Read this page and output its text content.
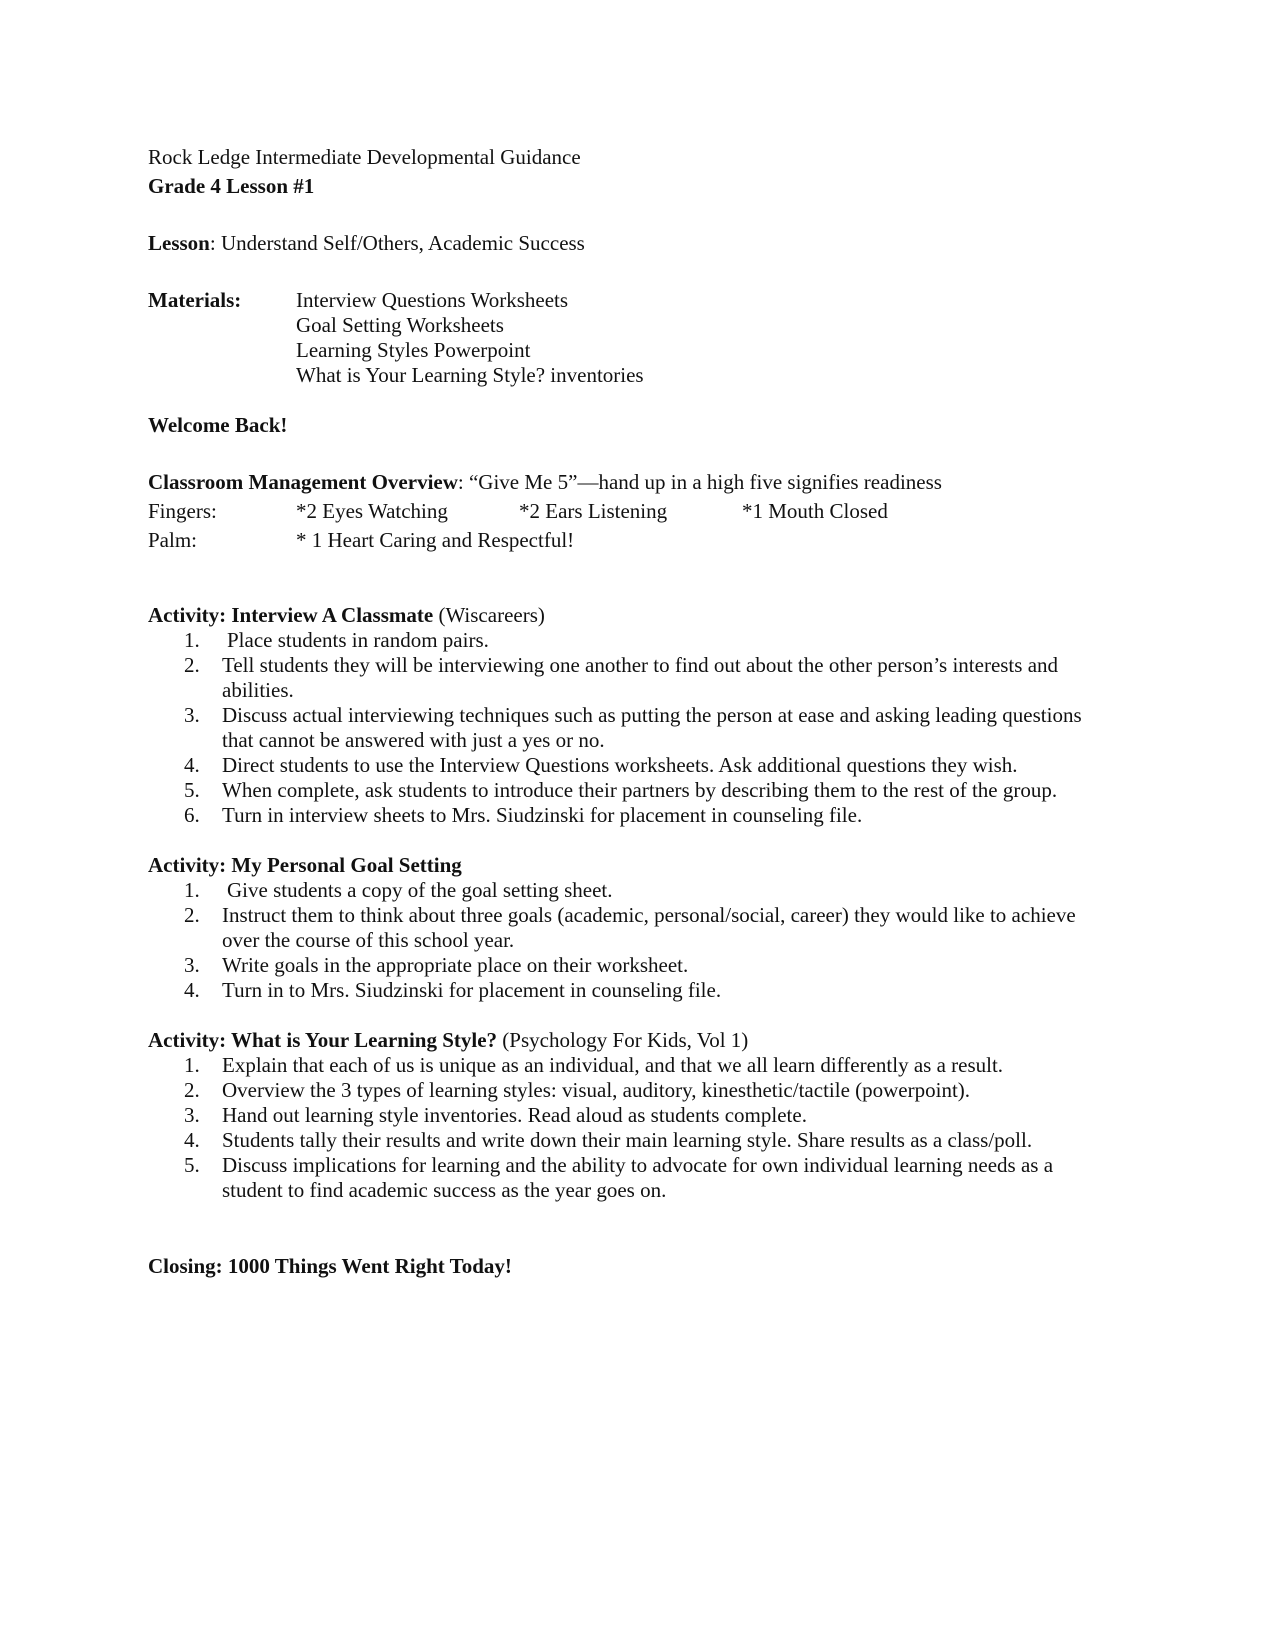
Rock Ledge Intermediate Developmental Guidance
Grade 4 Lesson #1
Lesson: Understand Self/Others, Academic Success
Materials:	Interview Questions Worksheets
Goal Setting Worksheets
Learning Styles Powerpoint
What is Your Learning Style? inventories
Welcome Back!
Classroom Management Overview : “Give Me 5”—hand up in a high five signifies readiness
Fingers:	*2 Eyes Watching	*2 Ears Listening	*1 Mouth Closed
Palm:	* 1 Heart Caring and Respectful!
Activity: Interview A Classmate (Wiscareers)
1.	Place students in random pairs.
2.	Tell students they will be interviewing one another to find out about the other person’s interests and abilities.
3.	Discuss actual interviewing techniques such as putting the person at ease and asking leading questions that cannot be answered with just a yes or no.
4.	Direct students to use the Interview Questions worksheets. Ask additional questions they wish.
5.	When complete, ask students to introduce their partners by describing them to the rest of the group.
6.	Turn in interview sheets to Mrs. Siudzinski for placement in counseling file.
Activity: My Personal Goal Setting
1.	Give students a copy of the goal setting sheet.
2.	Instruct them to think about three goals (academic, personal/social, career) they would like to achieve over the course of this school year.
3.	Write goals in the appropriate place on their worksheet.
4.	Turn in to Mrs. Siudzinski for placement in counseling file.
Activity: What is Your Learning Style? (Psychology For Kids, Vol 1)
1.	Explain that each of us is unique as an individual, and that we all learn differently as a result.
2.	Overview the 3 types of learning styles: visual, auditory, kinesthetic/tactile (powerpoint).
3.	Hand out learning style inventories. Read aloud as students complete.
4.	Students tally their results and write down their main learning style. Share results as a class/poll.
5.	Discuss implications for learning and the ability to advocate for own individual learning needs as a student to find academic success as the year goes on.
Closing: 1000 Things Went Right Today!
